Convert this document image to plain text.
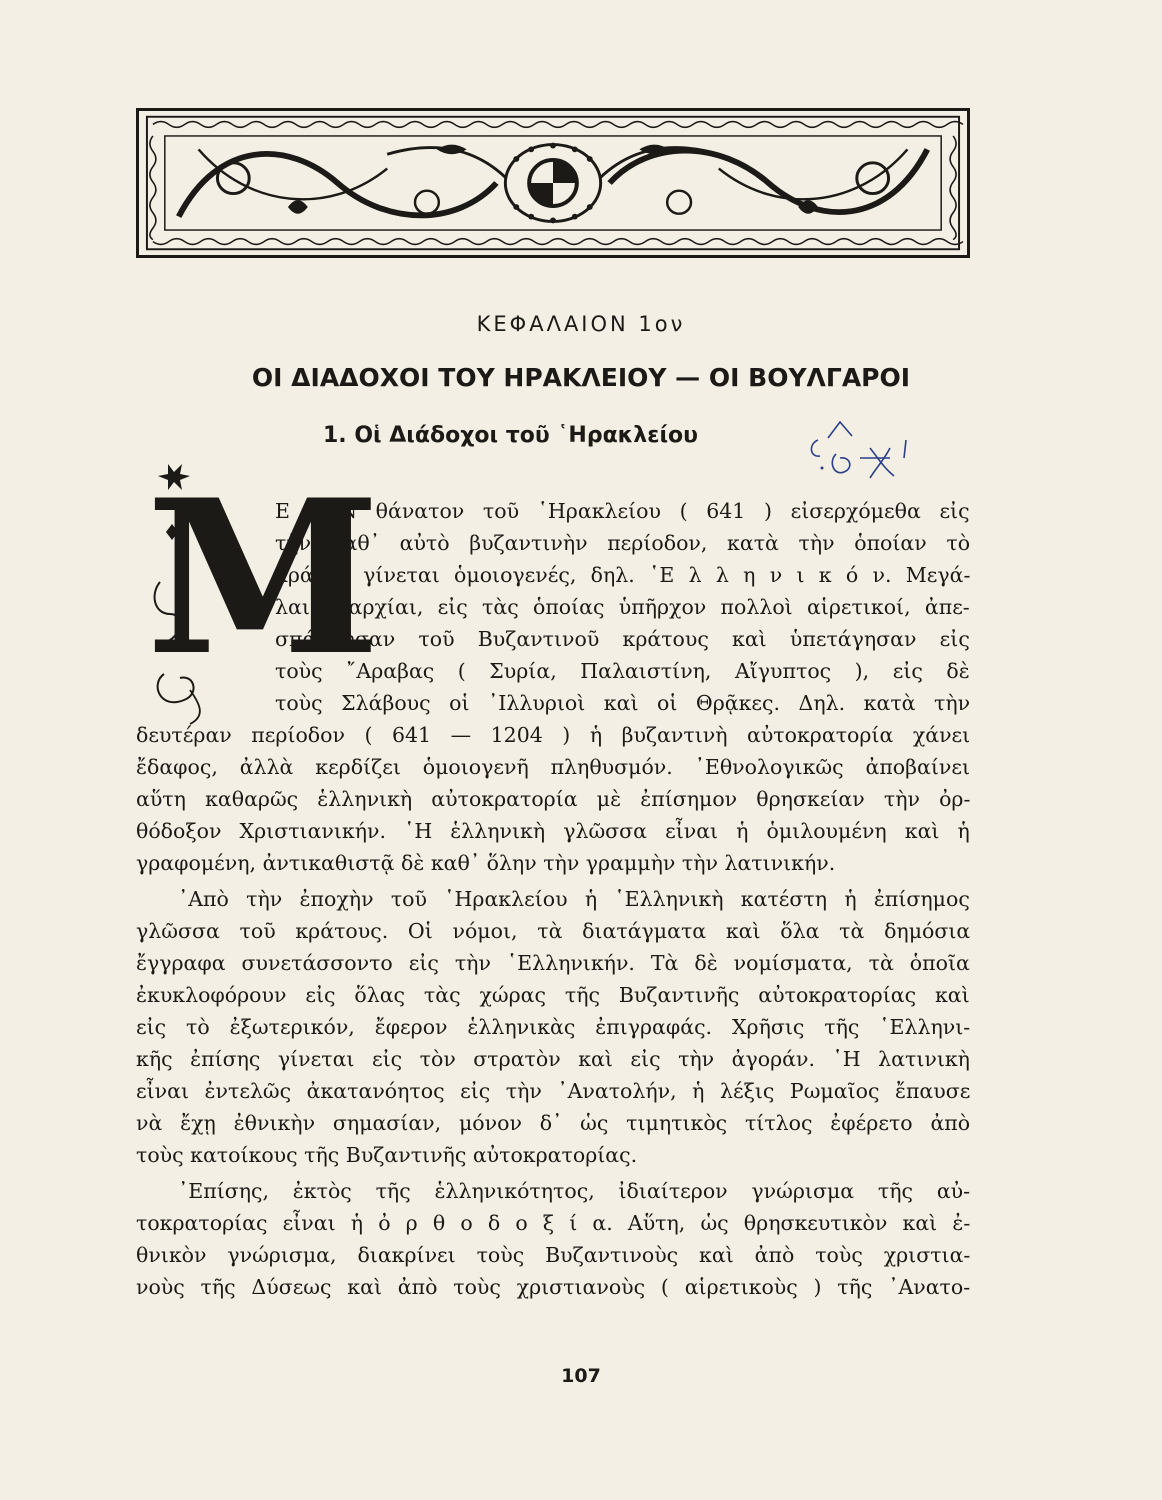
ΚΕΦΑΛΑΙΟΝ 1ον
ΟΙ ΔΙΑΔΟΧΟΙ ΤΟΥ ΗΡΑΚΛΕΙΟΥ — ΟΙ ΒΟΥΛΓΑΡΟΙ
1. Οἱ Διάδοχοι τοῦ ῾Ηρακλείου
Μ
Ε ΤΟΝ θάνατον τοῦ ῾Ηρακλείου ( 641 ) εἰσερχόμεθα εἰς
τὴν καθ᾿ αὐτὸ βυζαντινὴν περίοδον, κατὰ τὴν ὁποίαν τὸ
κράτος γίνεται ὁμοιογενές, δηλ. ῾Ε λ λ η ν ι κ ό ν. Μεγά-
λαι ἐπαρχίαι, εἰς τὰς ὁποίας ὑπῆρχον πολλοὶ αἱρετικοί, ἀπε-
σπάσθησαν τοῦ Βυζαντινοῦ κράτους καὶ ὑπετάγησαν εἰς
τοὺς ῎Αραβας ( Συρία, Παλαιστίνη, Αἴγυπτος ), εἰς δὲ
τοὺς Σλάβους οἱ ᾿Ιλλυριοὶ καὶ οἱ Θρᾷκες. Δηλ. κατὰ τὴν
δευτέραν περίοδον ( 641 — 1204 ) ἡ βυζαντινὴ αὐτοκρατορία χάνει
ἔδαφος, ἀλλὰ κερδίζει ὁμοιογενῆ πληθυσμόν. ᾿Εθνολογικῶς ἀποβαίνει
αὕτη καθαρῶς ἑλληνικὴ αὐτοκρατορία μὲ ἐπίσημον θρησκείαν τὴν ὀρ-
θόδοξον Χριστιανικήν. ῾Η ἑλληνικὴ γλῶσσα εἶναι ἡ ὁμιλουμένη καὶ ἡ
γραφομένη, ἀντικαθιστᾷ δὲ καθ᾿ ὅλην τὴν γραμμὴν τὴν λατινικήν.
᾿Απὸ τὴν ἐποχὴν τοῦ ῾Ηρακλείου ἡ ῾Ελληνικὴ κατέστη ἡ ἐπίσημος
γλῶσσα τοῦ κράτους. Οἱ νόμοι, τὰ διατάγματα καὶ ὅλα τὰ δημόσια
ἔγγραφα συνετάσσοντο εἰς τὴν ῾Ελληνικήν. Τὰ δὲ νομίσματα, τὰ ὁποῖα
ἐκυκλοφόρουν εἰς ὅλας τὰς χώρας τῆς Βυζαντινῆς αὐτοκρατορίας καὶ
εἰς τὸ ἐξωτερικόν, ἔφερον ἑλληνικὰς ἐπιγραφάς. Χρῆσις τῆς ῾Ελληνι-
κῆς ἐπίσης γίνεται εἰς τὸν στρατὸν καὶ εἰς τὴν ἀγοράν. ῾Η λατινικὴ
εἶναι ἐντελῶς ἀκατανόητος εἰς τὴν ᾿Ανατολήν, ἡ λέξις Ρωμαῖος ἔπαυσε
νὰ ἔχῃ ἐθνικὴν σημασίαν, μόνον δ᾿ ὡς τιμητικὸς τίτλος ἐφέρετο ἀπὸ
τοὺς κατοίκους τῆς Βυζαντινῆς αὐτοκρατορίας.
᾿Επίσης, ἐκτὸς τῆς ἑλληνικότητος, ἰδιαίτερον γνώρισμα τῆς αὐ-
τοκρατορίας εἶναι ἡ ὀ ρ θ ο δ ο ξ ί α. Αὕτη, ὡς θρησκευτικὸν καὶ ἐ-
θνικὸν γνώρισμα, διακρίνει τοὺς Βυζαντινοὺς καὶ ἀπὸ τοὺς χριστια-
νοὺς τῆς Δύσεως καὶ ἀπὸ τοὺς χριστιανοὺς ( αἱρετικοὺς ) τῆς ᾿Ανατο-
107
